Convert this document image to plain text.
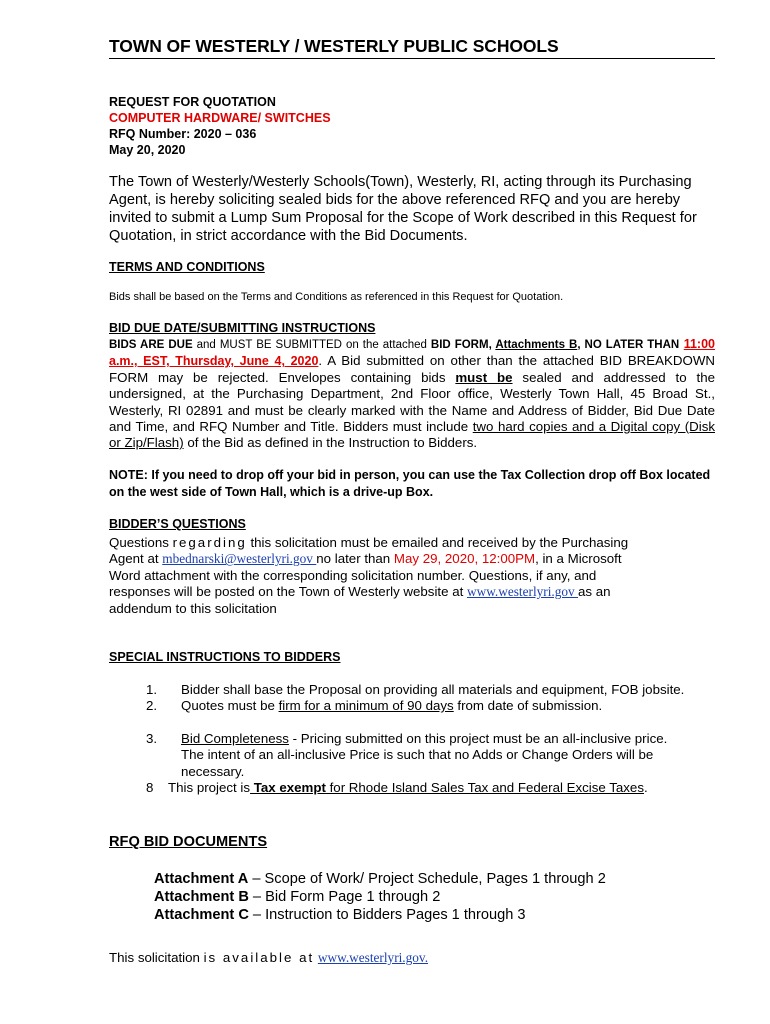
TOWN OF WESTERLY / WESTERLY PUBLIC SCHOOLS
REQUEST FOR QUOTATION
COMPUTER HARDWARE/ SWITCHES
RFQ Number: 2020 – 036
May 20, 2020
The Town of Westerly/Westerly Schools(Town), Westerly, RI, acting through its Purchasing Agent, is hereby soliciting sealed bids for the above referenced RFQ and you are hereby invited to submit a Lump Sum Proposal for the Scope of Work described in this Request for Quotation, in strict accordance with the Bid Documents.
TERMS AND CONDITIONS
Bids shall be based on the Terms and Conditions as referenced in this Request for Quotation.
BID DUE DATE/SUBMITTING INSTRUCTIONS
BIDS ARE DUE and MUST BE SUBMITTED on the attached BID FORM, Attachments B, NO LATER THAN 11:00 a.m., EST, Thursday, June 4, 2020. A Bid submitted on other than the attached BID BREAKDOWN FORM may be rejected. Envelopes containing bids must be sealed and addressed to the undersigned, at the Purchasing Department, 2nd Floor office, Westerly Town Hall, 45 Broad St., Westerly, RI 02891 and must be clearly marked with the Name and Address of Bidder, Bid Due Date and Time, and RFQ Number and Title. Bidders must include two hard copies and a Digital copy (Disk or Zip/Flash) of the Bid as defined in the Instruction to Bidders.
NOTE: If you need to drop off your bid in person, you can use the Tax Collection drop off Box located on the west side of Town Hall, which is a drive-up Box.
BIDDER’S QUESTIONS
Questions regarding this solicitation must be emailed and received by the Purchasing
Agent at mbednarski@westerlyri.gov no later than May 29, 2020, 12:00PM, in a Microsoft
Word attachment with the corresponding solicitation number. Questions, if any, and
responses will be posted on the Town of Westerly website at www.westerlyri.gov as an
addendum to this solicitation
SPECIAL INSTRUCTIONS TO BIDDERS
1. Bidder shall base the Proposal on providing all materials and equipment, FOB jobsite.
2. Quotes must be firm for a minimum of 90 days from date of submission.
3. Bid Completeness - Pricing submitted on this project must be an all-inclusive price.
The intent of an all-inclusive Price is such that no Adds or Change Orders will be
necessary.
8 This project is Tax exempt for Rhode Island Sales Tax and Federal Excise Taxes.
RFQ BID DOCUMENTS
Attachment A – Scope of Work/ Project Schedule, Pages 1 through 2
Attachment B – Bid Form Page 1 through 2
Attachment C – Instruction to Bidders Pages 1 through 3
This solicitation is available at www.westerlyri.gov.
